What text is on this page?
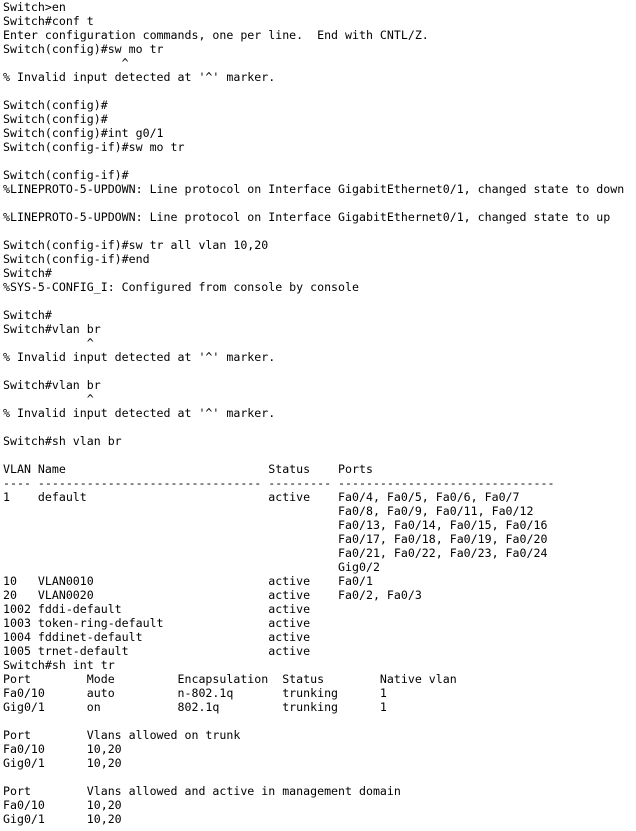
Switch>en
Switch#conf t
Enter configuration commands, one per line.  End with CNTL/Z.
Switch(config)#sw mo tr
^
% Invalid input detected at '^' marker.
Switch(config)#
Switch(config)#
Switch(config)#int g0/1
Switch(config-if)#sw mo tr
Switch(config-if)#
%LINEPROTO-5-UPDOWN: Line protocol on Interface GigabitEthernet0/1, changed state to down
%LINEPROTO-5-UPDOWN: Line protocol on Interface GigabitEthernet0/1, changed state to up
Switch(config-if)#sw tr all vlan 10,20
Switch(config-if)#end
Switch#
%SYS-5-CONFIG_I: Configured from console by console
Switch#
Switch#vlan br
^
% Invalid input detected at '^' marker.
Switch#vlan br
^
% Invalid input detected at '^' marker.
Switch#sh vlan br
VLAN Name                             Status    Ports
---- -------------------------------- --------- -------------------------------
1    default                          active    Fa0/4, Fa0/5, Fa0/6, Fa0/7
Fa0/8, Fa0/9, Fa0/11, Fa0/12
Fa0/13, Fa0/14, Fa0/15, Fa0/16
Fa0/17, Fa0/18, Fa0/19, Fa0/20
Fa0/21, Fa0/22, Fa0/23, Fa0/24
Gig0/2
10   VLAN0010                         active    Fa0/1
20   VLAN0020                         active    Fa0/2, Fa0/3
1002 fddi-default                     active
1003 token-ring-default               active
1004 fddinet-default                  active
1005 trnet-default                    active
Switch#sh int tr
Port        Mode         Encapsulation  Status        Native vlan
Fa0/10      auto         n-802.1q       trunking      1
Gig0/1      on           802.1q         trunking      1
Port        Vlans allowed on trunk
Fa0/10      10,20
Gig0/1      10,20
Port        Vlans allowed and active in management domain
Fa0/10      10,20
Gig0/1      10,20
